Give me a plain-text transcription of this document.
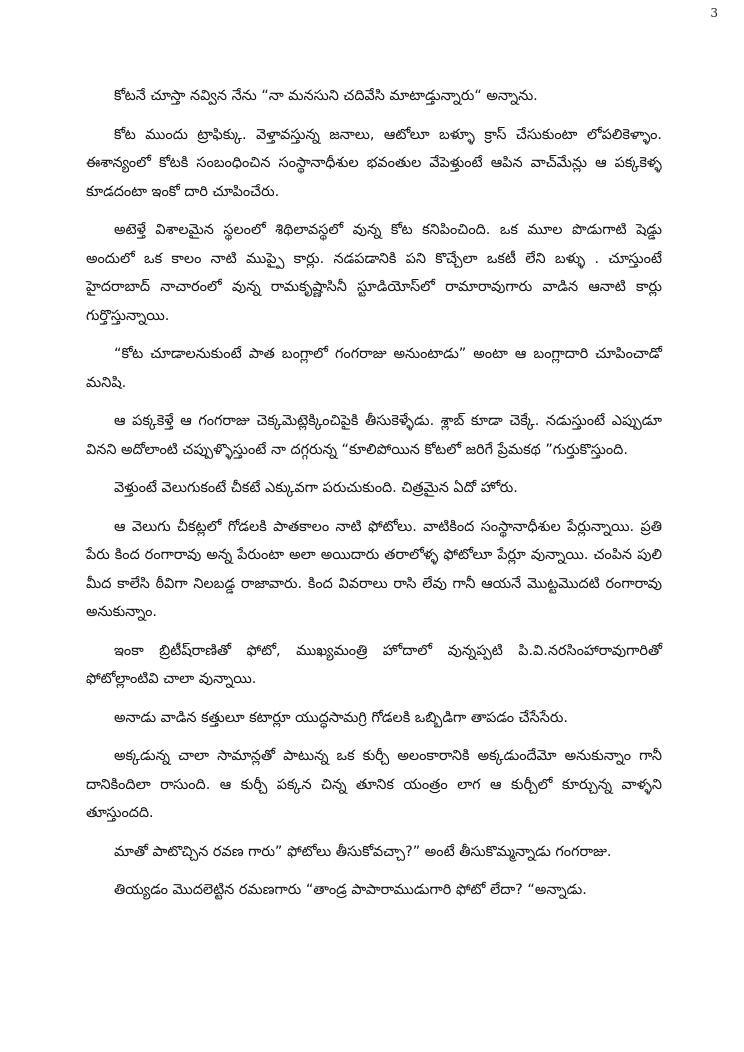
3

కోటనే చూస్తా నవ్విన నేను “నా మనసుని చదివేసి మాటాడ్తున్నారు“ అన్నాను.

కోట ముందు ట్రాఫిక్కు. వెళ్తావస్తున్న జనాలు, ఆటోలూ బళ్ళూ క్రాస్ చేసుకుంటా లోపలికెళ్ళాం. ఈశాన్యంలో కోటకి సంబంధించిన సంస్థానాధీశుల భవంతుల వేపెళ్తుంటే ఆపిన వాచ్‌మేన్లు ఆ పక్కకెళ్ళ కూడదంటా ఇంకో దారి చూపించేరు.

అటెళ్తే విశాలమైన స్థలంలో శిథిలావస్థలో వున్న కోట కనిపించింది. ఒక మూల పొడుగాటి షెడ్డు అందులో ఒక కాలం నాటి ముప్పై కార్లు. నడపడానికి పని కొచ్చేలా ఒకటీ లేని బళ్ళు . చూస్తుంటే హైదరాబాద్ నాచారంలో వున్న రామకృష్ణాసినీ స్టూడియోస్‌లో రామారావుగారు వాడిన ఆనాటి కార్లు గుర్తొస్తున్నాయి.

“కోట చూడాలనుకుంటే పాత బంగ్లాలో గంగరాజు అనుంటాడు” అంటా ఆ బంగ్లాదారి చూపించాడో మనిషి.

ఆ పక్కకెళ్తే ఆ గంగరాజు చెక్కమెట్లెక్కించిపైకి తీసుకెళ్ళేడు. శ్లాబ్ కూడా చెక్కే. నడుస్తుంటే ఎప్పుడూ వినని అదోలాంటి చప్పుళ్ళొస్తుంటే నా దగ్గరున్న “కూలిపోయిన కోటలో జరిగే ప్రేమకథ ”గుర్తుకొస్తుంది.

వెళ్తుంటే వెలుగుకంటే చీకటే ఎక్కువగా పరుచుకుంది. చిత్రమైన ఏదో హోరు.

ఆ వెలుగు చీకట్లలో గోడలకి పాతకాలం నాటి ఫోటోలు. వాటికింద సంస్థానాధీశుల పేర్లున్నాయి. ప్రతి పేరు కింద రంగారావు అన్న పేరుంటా అలా అయిదారు తరాలోళ్ళ ఫోటోలూ పేర్లూ వున్నాయి. చంపిన పులి మీద కాలేసి ఠీవిగా నిలబడ్డ రాజావారు. కింద వివరాలు రాసి లేవు గానీ ఆయనే మొట్టమొదటి రంగారావు అనుకున్నాం.

ఇంకా బ్రిటీష్‌రాణితో ఫోటో, ముఖ్యమంత్రి హోదాలో వున్నప్పటి పి.వి.నరసింహారావుగారితో ఫోటోల్లాంటివి చాలా వున్నాయి.

అనాడు వాడిన కత్తులూ కటార్లూ యుద్ధసామగ్రి గోడలకి ఒబ్బిడిగా తాపడం చేసేసేరు.

అక్కడున్న చాలా సామాన్లతో పాటున్న ఒక కుర్చీ అలంకారానికి అక్కడుందేమో అనుకున్నాం గానీ దానికిందిలా రాసుంది. ఆ కుర్చీ పక్కన చిన్న తూనిక యంత్రం లాగ ఆ కుర్చీలో కూర్చున్న వాళ్ళని తూస్తుందది.

మాతో పాటొచ్చిన రవణ గారు” ఫోటోలు తీసుకోవచ్చా?” అంటే తీసుకొమ్మన్నాడు గంగరాజు.

తియ్యడం మొదలెట్టిన రమణగారు “తాండ్ర పాపారాముడుగారి ఫోటో లేదా? “అన్నాడు.
